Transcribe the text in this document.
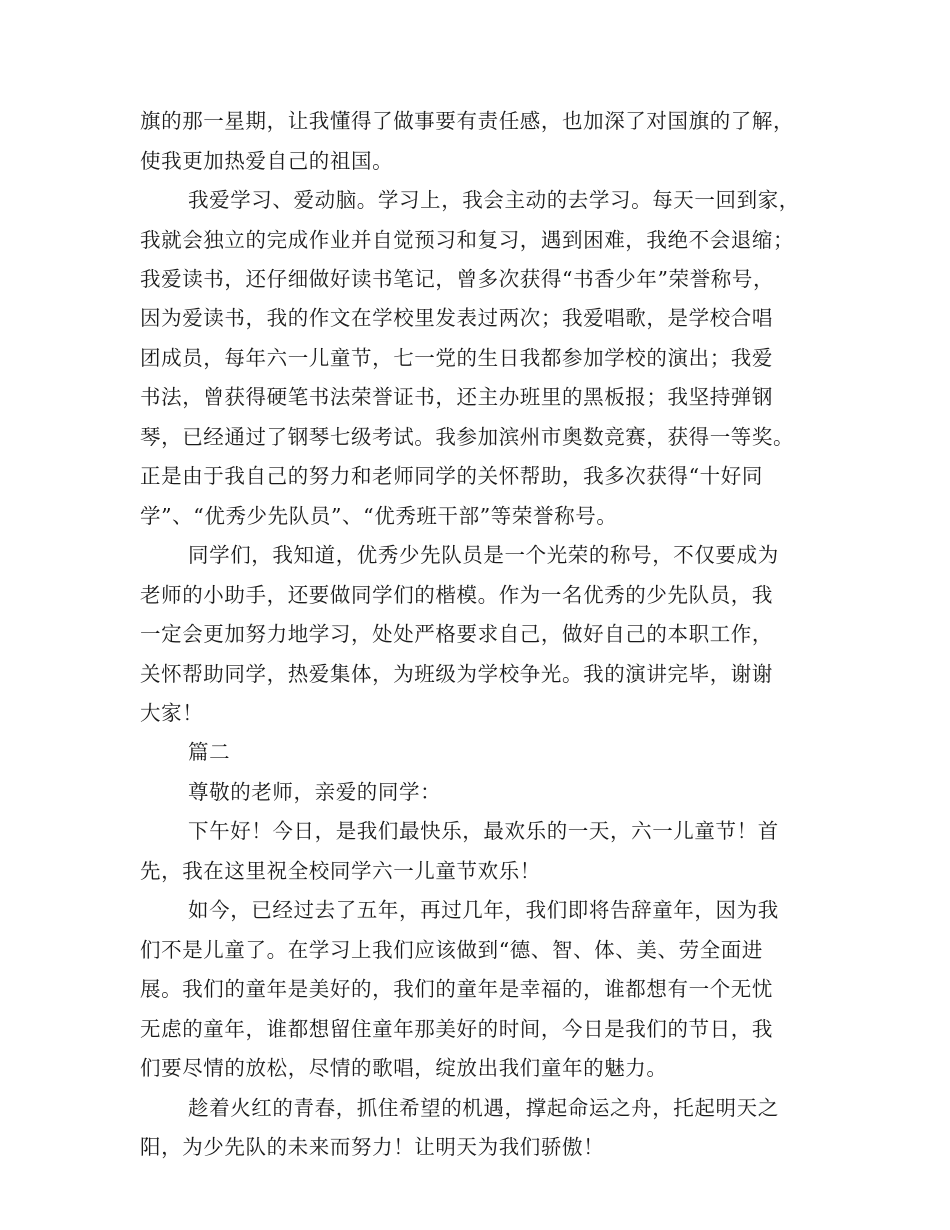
旗的那一星期，让我懂得了做事要有责任感，也加深了对国旗的了解，
使我更加热爱自己的祖国。
我爱学习、爱动脑。学习上，我会主动的去学习。每天一回到家，
我就会独立的完成作业并自觉预习和复习，遇到困难，我绝不会退缩；
我爱读书，还仔细做好读书笔记，曾多次获得“书香少年”荣誉称号，
因为爱读书，我的作文在学校里发表过两次；我爱唱歌，是学校合唱
团成员，每年六一儿童节，七一党的生日我都参加学校的演出；我爱
书法，曾获得硬笔书法荣誉证书，还主办班里的黑板报；我坚持弹钢
琴，已经通过了钢琴七级考试。我参加滨州市奥数竞赛，获得一等奖。
正是由于我自己的努力和老师同学的关怀帮助，我多次获得“十好同
学”、“优秀少先队员”、“优秀班干部”等荣誉称号。
同学们，我知道，优秀少先队员是一个光荣的称号，不仅要成为
老师的小助手，还要做同学们的楷模。作为一名优秀的少先队员，我
一定会更加努力地学习，处处严格要求自己，做好自己的本职工作，
关怀帮助同学，热爱集体，为班级为学校争光。我的演讲完毕，谢谢
大家！
篇二
尊敬的老师，亲爱的同学：
下午好！今日，是我们最快乐，最欢乐的一天，六一儿童节！首
先，我在这里祝全校同学六一儿童节欢乐！
如今，已经过去了五年，再过几年，我们即将告辞童年，因为我
们不是儿童了。在学习上我们应该做到“德、智、体、美、劳全面进
展。我们的童年是美好的，我们的童年是幸福的，谁都想有一个无忧
无虑的童年，谁都想留住童年那美好的时间，今日是我们的节日，我
们要尽情的放松，尽情的歌唱，绽放出我们童年的魅力。
趁着火红的青春，抓住希望的机遇，撑起命运之舟，托起明天之
阳，为少先队的未来而努力！让明天为我们骄傲！
